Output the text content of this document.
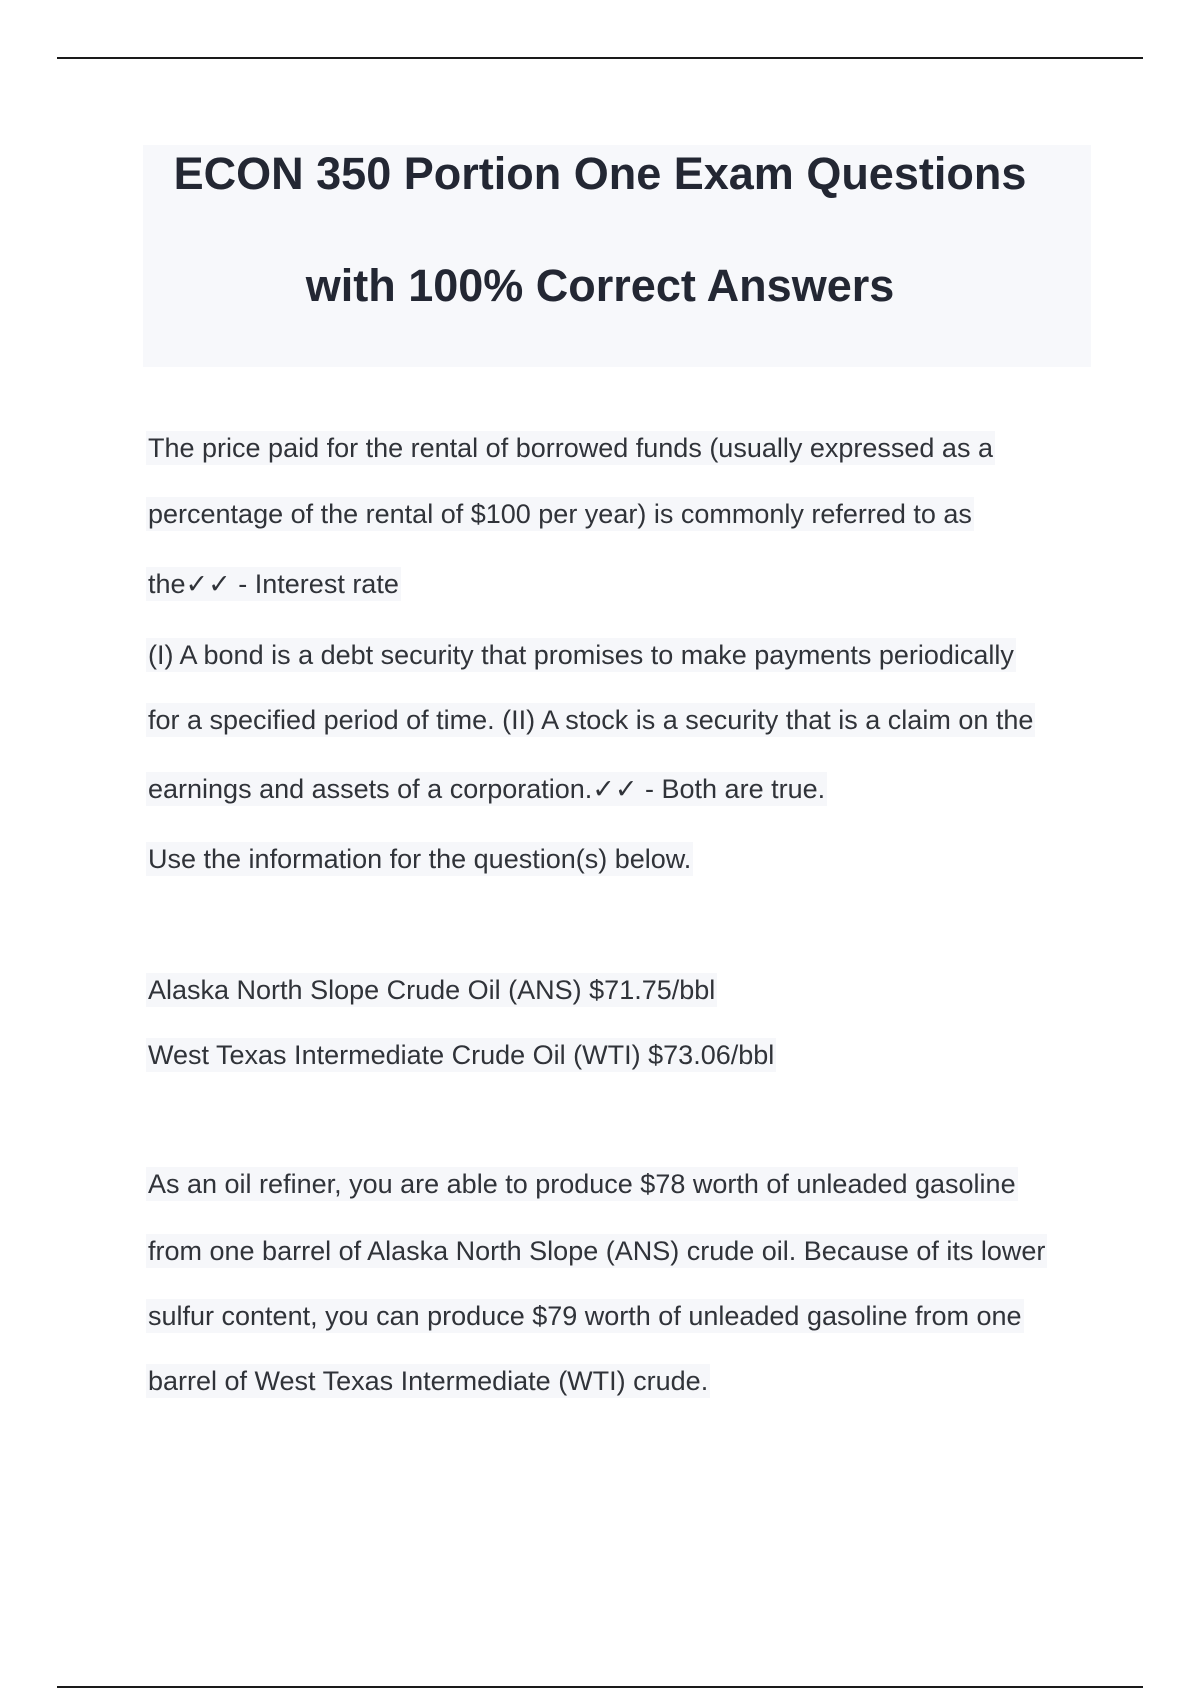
ECON 350 Portion One Exam Questions
with 100% Correct Answers
The price paid for the rental of borrowed funds (usually expressed as a
percentage of the rental of $100 per year) is commonly referred to as
the✓✓ - Interest rate
(I) A bond is a debt security that promises to make payments periodically
for a specified period of time. (II) A stock is a security that is a claim on the
earnings and assets of a corporation.✓✓ - Both are true.
Use the information for the question(s) below.
Alaska North Slope Crude Oil (ANS) $71.75/bbl
West Texas Intermediate Crude Oil (WTI) $73.06/bbl
As an oil refiner, you are able to produce $78 worth of unleaded gasoline
from one barrel of Alaska North Slope (ANS) crude oil. Because of its lower
sulfur content, you can produce $79 worth of unleaded gasoline from one
barrel of West Texas Intermediate (WTI) crude.
